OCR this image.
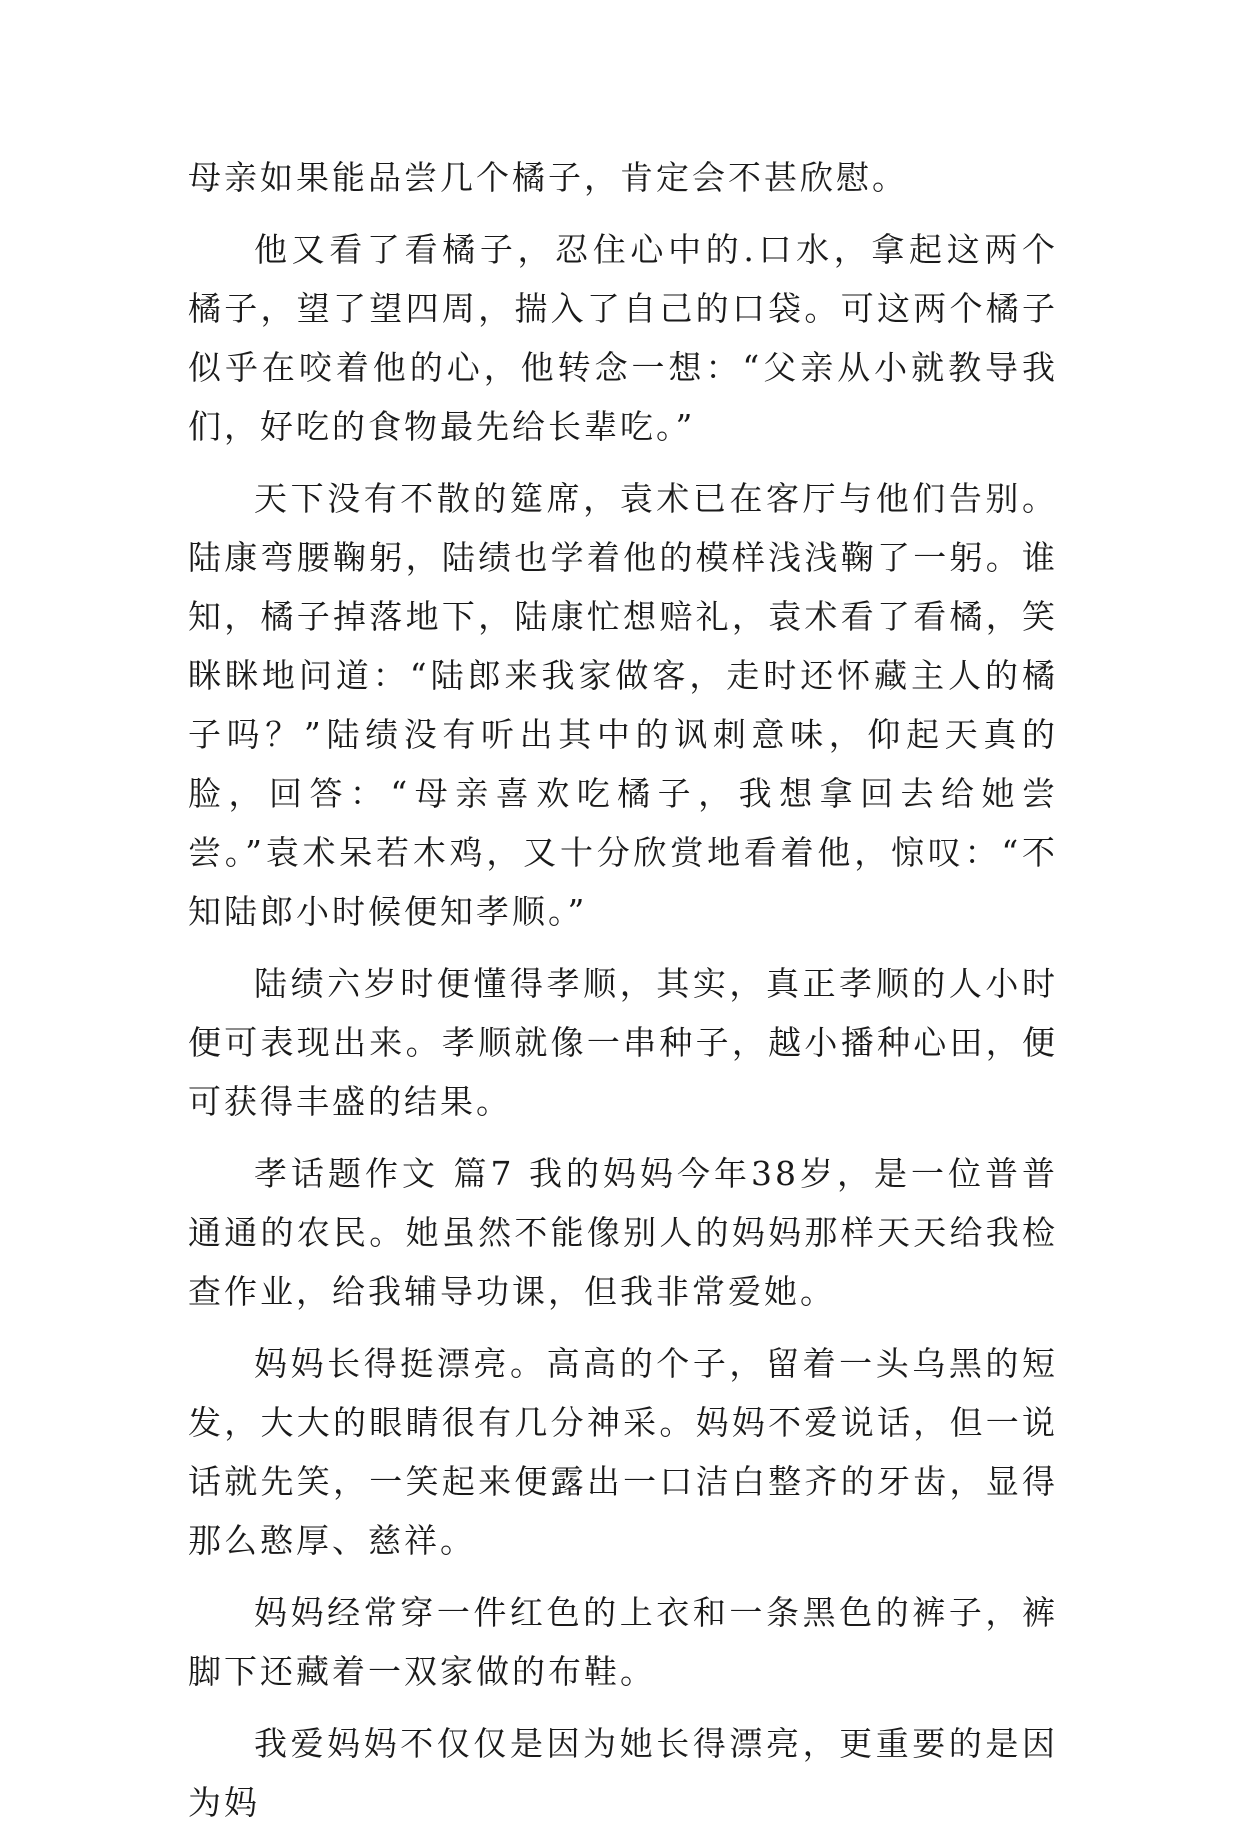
母亲如果能品尝几个橘子，肯定会不甚欣慰。

他又看了看橘子，忍住心中的.口水，拿起这两个橘子，望了望四周，揣入了自己的口袋。可这两个橘子似乎在咬着他的心，他转念一想：“父亲从小就教导我们，好吃的食物最先给长辈吃。”

天下没有不散的筵席，袁术已在客厅与他们告别。陆康弯腰鞠躬，陆绩也学着他的模样浅浅鞠了一躬。谁知，橘子掉落地下，陆康忙想赔礼，袁术看了看橘，笑眯眯地问道：“陆郎来我家做客，走时还怀藏主人的橘子吗？”陆绩没有听出其中的讽刺意味，仰起天真的脸，回答：“母亲喜欢吃橘子，我想拿回去给她尝尝。”袁术呆若木鸡，又十分欣赏地看着他，惊叹：“不知陆郎小时候便知孝顺。”

陆绩六岁时便懂得孝顺，其实，真正孝顺的人小时便可表现出来。孝顺就像一串种子，越小播种心田，便可获得丰盛的结果。

孝话题作文 篇7 我的妈妈今年38岁，是一位普普通通的农民。她虽然不能像别人的妈妈那样天天给我检查作业，给我辅导功课，但我非常爱她。

妈妈长得挺漂亮。高高的个子，留着一头乌黑的短发，大大的眼睛很有几分神采。妈妈不爱说话，但一说话就先笑，一笑起来便露出一口洁白整齐的牙齿，显得那么憨厚、慈祥。

妈妈经常穿一件红色的上衣和一条黑色的裤子，裤脚下还藏着一双家做的布鞋。

我爱妈妈不仅仅是因为她长得漂亮，更重要的是因为妈
